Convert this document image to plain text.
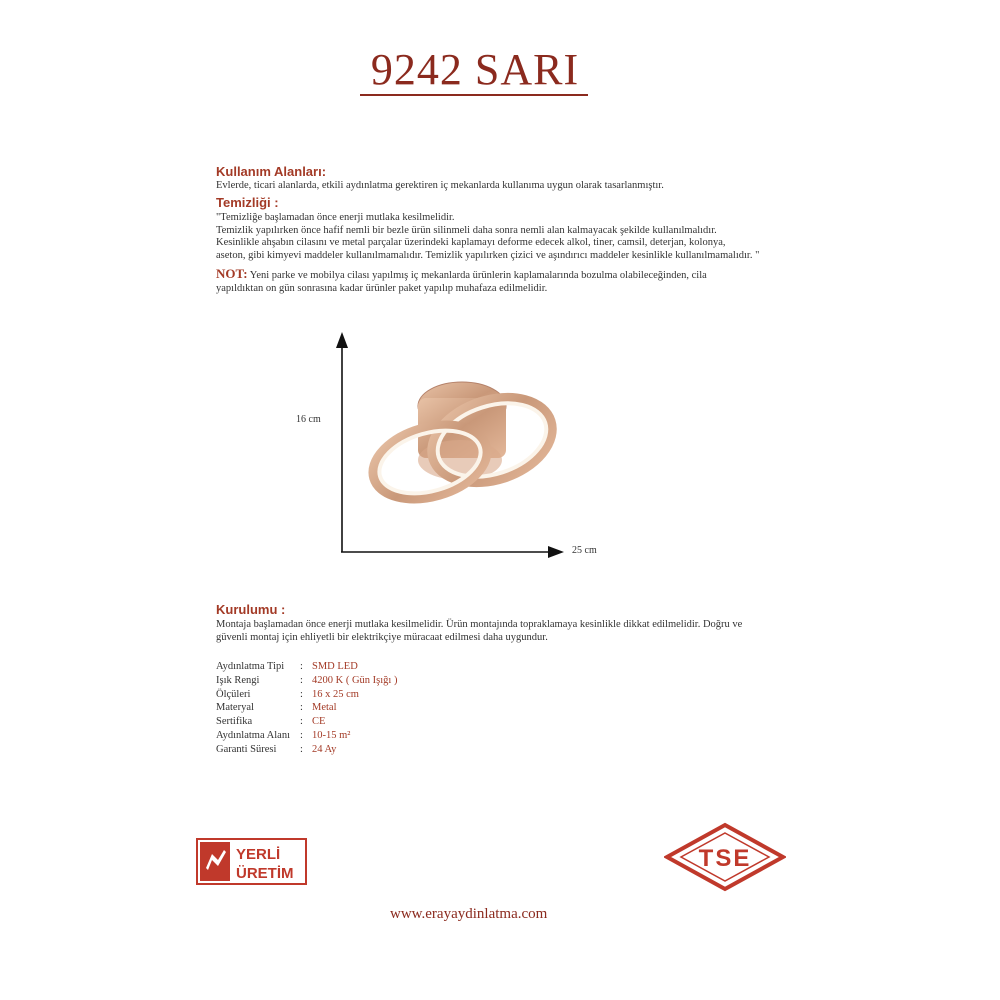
9242 SARI
Kullanım Alanları:
Evlerde, ticari alanlarda, etkili aydınlatma gerektiren iç mekanlarda kullanıma uygun olarak tasarlanmıştır.
Temizliği :
"Temizliğe başlamadan önce enerji mutlaka kesilmelidir.
Temizlik yapılırken önce hafif nemli bir bezle ürün silinmeli daha sonra nemli alan kalmayacak şekilde kullanılmalıdır.
Kesinlikle ahşabın cilasını ve metal parçalar üzerindeki kaplamayı deforme edecek alkol, tiner, camsil, deterjan, kolonya,
aseton, gibi kimyevi maddeler kullanılmamalıdır. Temizlik yapılırken çizici ve aşındırıcı maddeler kesinlikle kullanılmamalıdır. "
NOT: Yeni parke ve mobilya cilası yapılmış iç mekanlarda ürünlerin kaplamalarında bozulma olabileceğinden, cila
yapıldıktan on gün sonrasına kadar ürünler paket yapılıp muhafaza edilmelidir.
16 cm
25 cm
Kurulumu :
Montaja başlamadan önce enerji mutlaka kesilmelidir. Ürün montajında topraklamaya kesinlikle dikkat edilmelidir. Doğru ve
güvenli montaj için ehliyetli bir elektrikçiye müracaat edilmesi daha uygundur.
Aydınlatma Tipi	: SMD LED
Işık Rengi	: 4200 K ( Gün Işığı )
Ölçüleri	: 16 x 25 cm
Materyal	: Metal
Sertifika	: CE
Aydınlatma Alanı : 10-15 m²
Garanti Süresi	: 24 Ay
YERLİ
ÜRETİM
TSE
www.erayaydinlatma.com
